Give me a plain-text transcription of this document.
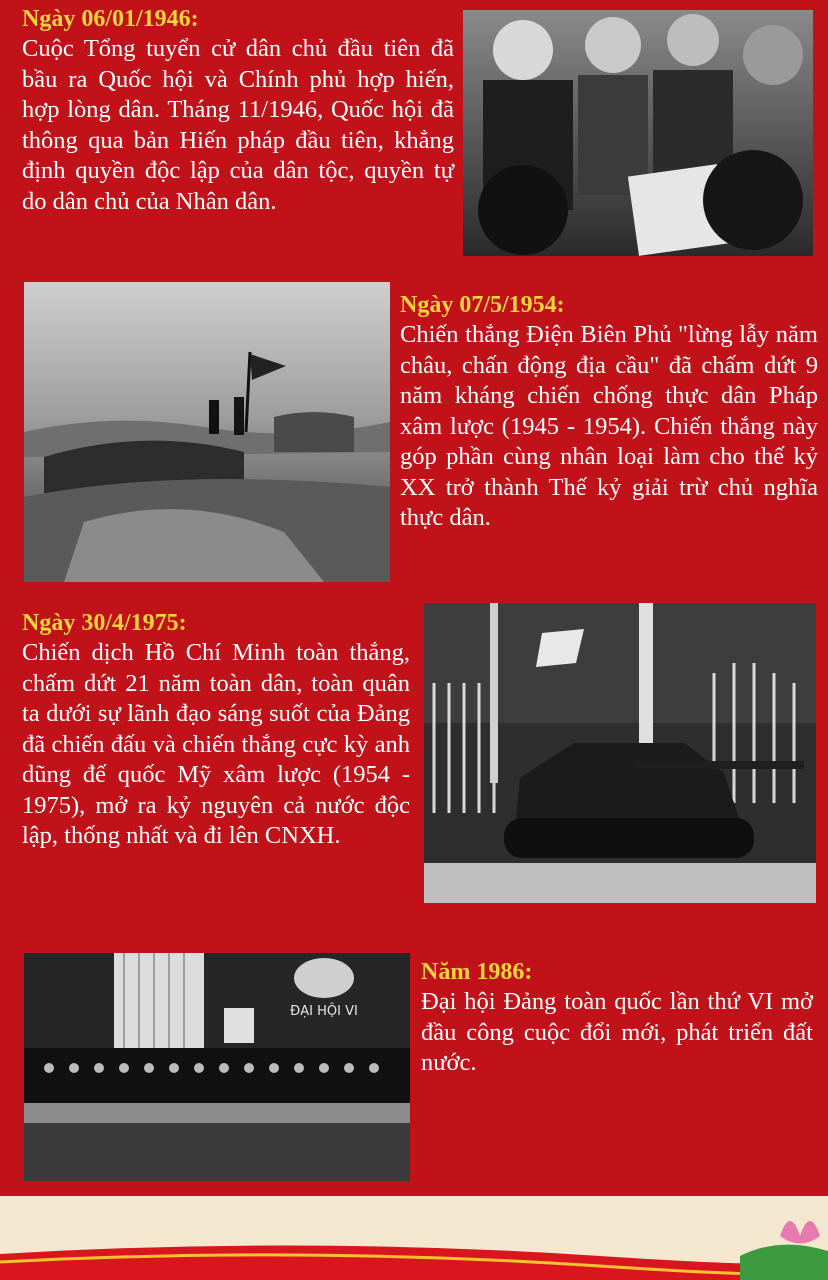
Ngày 06/01/1946:
Cuộc Tổng tuyển cử dân chủ đầu tiên đã bầu ra Quốc hội và Chính phủ hợp hiến, hợp lòng dân. Tháng 11/1946, Quốc hội đã thông qua bản Hiến pháp đầu tiên, khẳng định quyền độc lập của dân tộc, quyền tự do dân chủ của Nhân dân.
Ngày 07/5/1954:
Chiến thắng Điện Biên Phủ "lừng lẫy năm châu, chấn động địa cầu" đã chấm dứt 9 năm kháng chiến chống thực dân Pháp xâm lược (1945 - 1954). Chiến thắng này góp phần cùng nhân loại làm cho thế kỷ XX trở thành Thế kỷ giải trừ chủ nghĩa thực dân.
Ngày 30/4/1975:
Chiến dịch Hồ Chí Minh toàn thắng, chấm dứt 21 năm toàn dân, toàn quân ta dưới sự lãnh đạo sáng suốt của Đảng đã chiến đấu và chiến thắng cực kỳ anh dũng đế quốc Mỹ xâm lược (1954 - 1975), mở ra kỷ nguyên cả nước độc lập, thống nhất và đi lên CNXH.
ĐẠI HỘI VI
Năm 1986:
Đại hội Đảng toàn quốc lần thứ VI mở đầu công cuộc đổi mới, phát triển đất nước.
